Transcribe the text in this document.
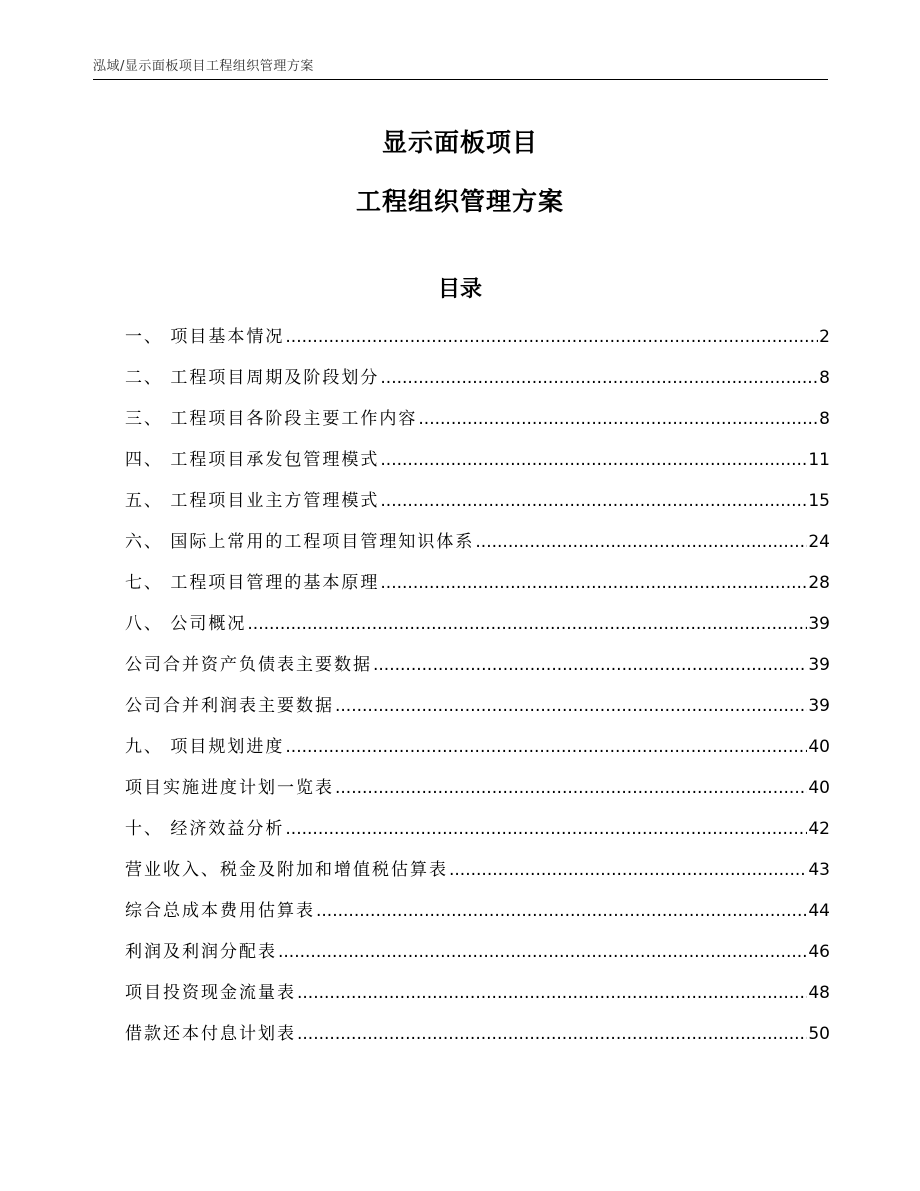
泓域/显示面板项目工程组织管理方案
显示面板项目
工程组织管理方案
目录
一、 项目基本情况 .....	2
二、 工程项目周期及阶段划分 .....	8
三、 工程项目各阶段主要工作内容 .....	8
四、 工程项目承发包管理模式 .....	11
五、 工程项目业主方管理模式 .....	15
六、 国际上常用的工程项目管理知识体系 .....	24
七、 工程项目管理的基本原理 .....	28
八、 公司概况 .....	39
公司合并资产负债表主要数据 .....	39
公司合并利润表主要数据 .....	39
九、 项目规划进度 .....	40
项目实施进度计划一览表 .....	40
十、 经济效益分析 .....	42
营业收入、税金及附加和增值税估算表 .....	43
综合总成本费用估算表 .....	44
利润及利润分配表 .....	46
项目投资现金流量表 .....	48
借款还本付息计划表 .....	50
